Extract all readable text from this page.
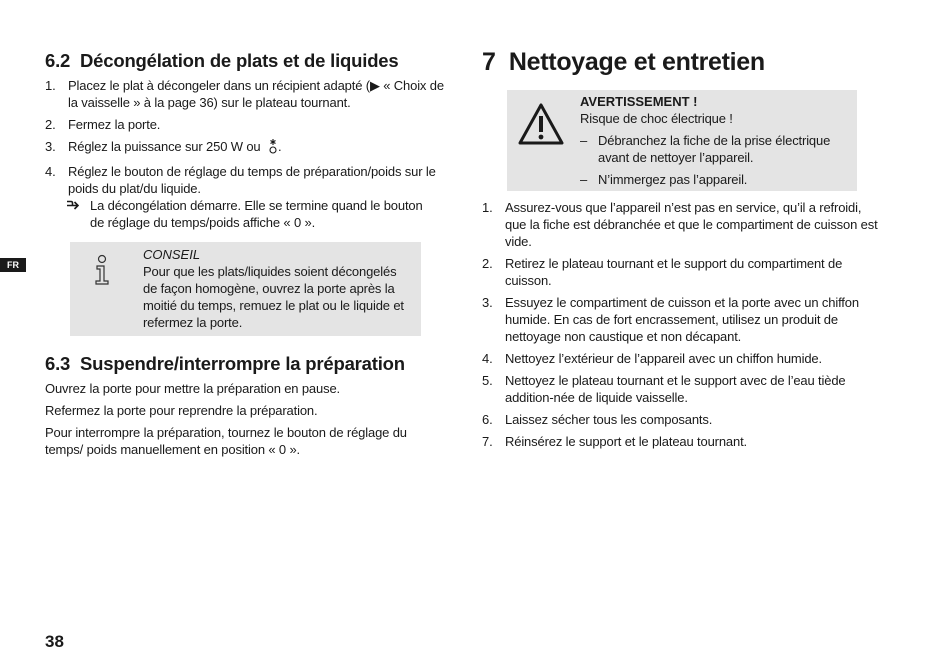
FR
6.2 Décongélation de plats et de liquides
1. Placez le plat à décongeler dans un récipient adapté (▶ « Choix de la vaisselle » à la page 36) sur le plateau tournant.
2. Fermez la porte.
3. Réglez la puissance sur 250 W ou .
4. Réglez le bouton de réglage du temps de préparation/poids sur le poids du plat/du liquide.
La décongélation démarre. Elle se termine quand le bouton de réglage du temps/poids affiche « 0 ».
CONSEIL
Pour que les plats/liquides soient décongelés de façon homogène, ouvrez la porte après la moitié du temps, remuez le plat ou le liquide et refermez la porte.
6.3 Suspendre/interrompre la préparation
Ouvrez la porte pour mettre la préparation en pause.
Refermez la porte pour reprendre la préparation.
Pour interrompre la préparation, tournez le bouton de réglage du temps/ poids manuellement en position « 0 ».
7 Nettoyage et entretien
AVERTISSEMENT !
Risque de choc électrique !
– Débranchez la fiche de la prise électrique avant de nettoyer l’appareil.
– N’immergez pas l’appareil.
1. Assurez-vous que l’appareil n’est pas en service, qu’il a refroidi, que la fiche est débranchée et que le compartiment de cuisson est vide.
2. Retirez le plateau tournant et le support du compartiment de cuisson.
3. Essuyez le compartiment de cuisson et la porte avec un chiffon humide. En cas de fort encrassement, utilisez un produit de nettoyage non caustique et non décapant.
4. Nettoyez l’extérieur de l’appareil avec un chiffon humide.
5. Nettoyez le plateau tournant et le support avec de l’eau tiède addition-née de liquide vaisselle.
6. Laissez sécher tous les composants.
7. Réinsérez le support et le plateau tournant.
38
